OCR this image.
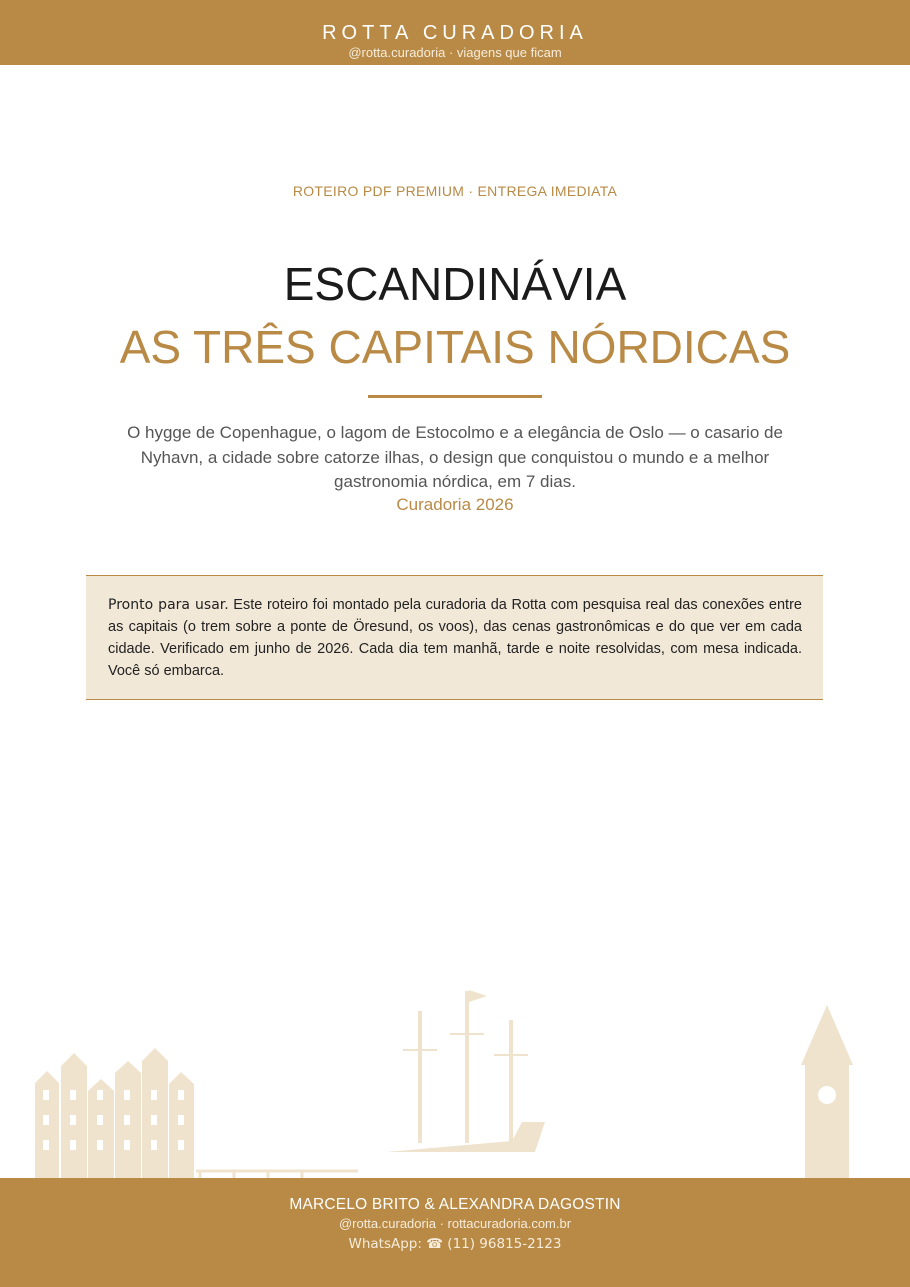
ROTTA CURADORIA
@rotta.curadoria · viagens que ficam
ROTEIRO PDF PREMIUM · ENTREGA IMEDIATA
ESCANDINÁVIA
AS TRÊS CAPITAIS NÓRDICAS
O hygge de Copenhague, o lagom de Estocolmo e a elegância de Oslo — o casario de Nyhavn, a cidade sobre catorze ilhas, o design que conquistou o mundo e a melhor gastronomia nórdica, em 7 dias.
Curadoria 2026
Pronto para usar. Este roteiro foi montado pela curadoria da Rotta com pesquisa real das conexões entre as capitais (o trem sobre a ponte de Öresund, os voos), das cenas gastronômicas e do que ver em cada cidade. Verificado em junho de 2026. Cada dia tem manhã, tarde e noite resolvidas, com mesa indicada. Você só embarca.
MARCELO BRITO & ALEXANDRA DAGOSTIN
@rotta.curadoria · rottacuradoria.com.br
WhatsApp: ☎ (11) 96815-2123
